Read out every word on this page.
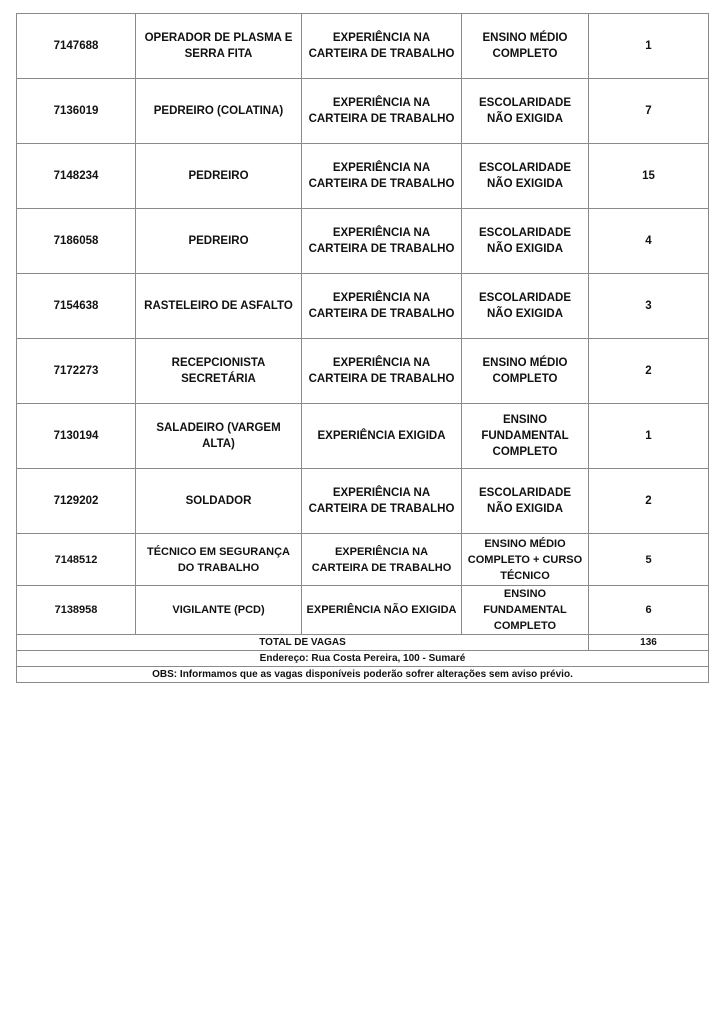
7147688	OPERADOR DE PLASMA E SERRA FITA	EXPERIÊNCIA NA CARTEIRA DE TRABALHO	ENSINO MÉDIO COMPLETO	1
7136019	PEDREIRO (COLATINA)	EXPERIÊNCIA NA CARTEIRA DE TRABALHO	ESCOLARIDADE NÃO EXIGIDA	7
7148234	PEDREIRO	EXPERIÊNCIA NA CARTEIRA DE TRABALHO	ESCOLARIDADE NÃO EXIGIDA	15
7186058	PEDREIRO	EXPERIÊNCIA NA CARTEIRA DE TRABALHO	ESCOLARIDADE NÃO EXIGIDA	4
7154638	RASTELEIRO DE ASFALTO	EXPERIÊNCIA NA CARTEIRA DE TRABALHO	ESCOLARIDADE NÃO EXIGIDA	3
7172273	RECEPCIONISTA SECRETÁRIA	EXPERIÊNCIA NA CARTEIRA DE TRABALHO	ENSINO MÉDIO COMPLETO	2
7130194	SALADEIRO (VARGEM ALTA)	EXPERIÊNCIA EXIGIDA	ENSINO FUNDAMENTAL COMPLETO	1
7129202	SOLDADOR	EXPERIÊNCIA NA CARTEIRA DE TRABALHO	ESCOLARIDADE NÃO EXIGIDA	2
7148512	TÉCNICO EM SEGURANÇA DO TRABALHO	EXPERIÊNCIA NA CARTEIRA DE TRABALHO	ENSINO MÉDIO COMPLETO + CURSO TÉCNICO	5
7138958	VIGILANTE (PCD)	EXPERIÊNCIA NÃO EXIGIDA	ENSINO FUNDAMENTAL COMPLETO	6
TOTAL DE VAGAS				136
Endereço: Rua Costa Pereira, 100 - Sumaré				
OBS: Informamos que as vagas disponíveis poderão sofrer alterações sem aviso prévio.				
